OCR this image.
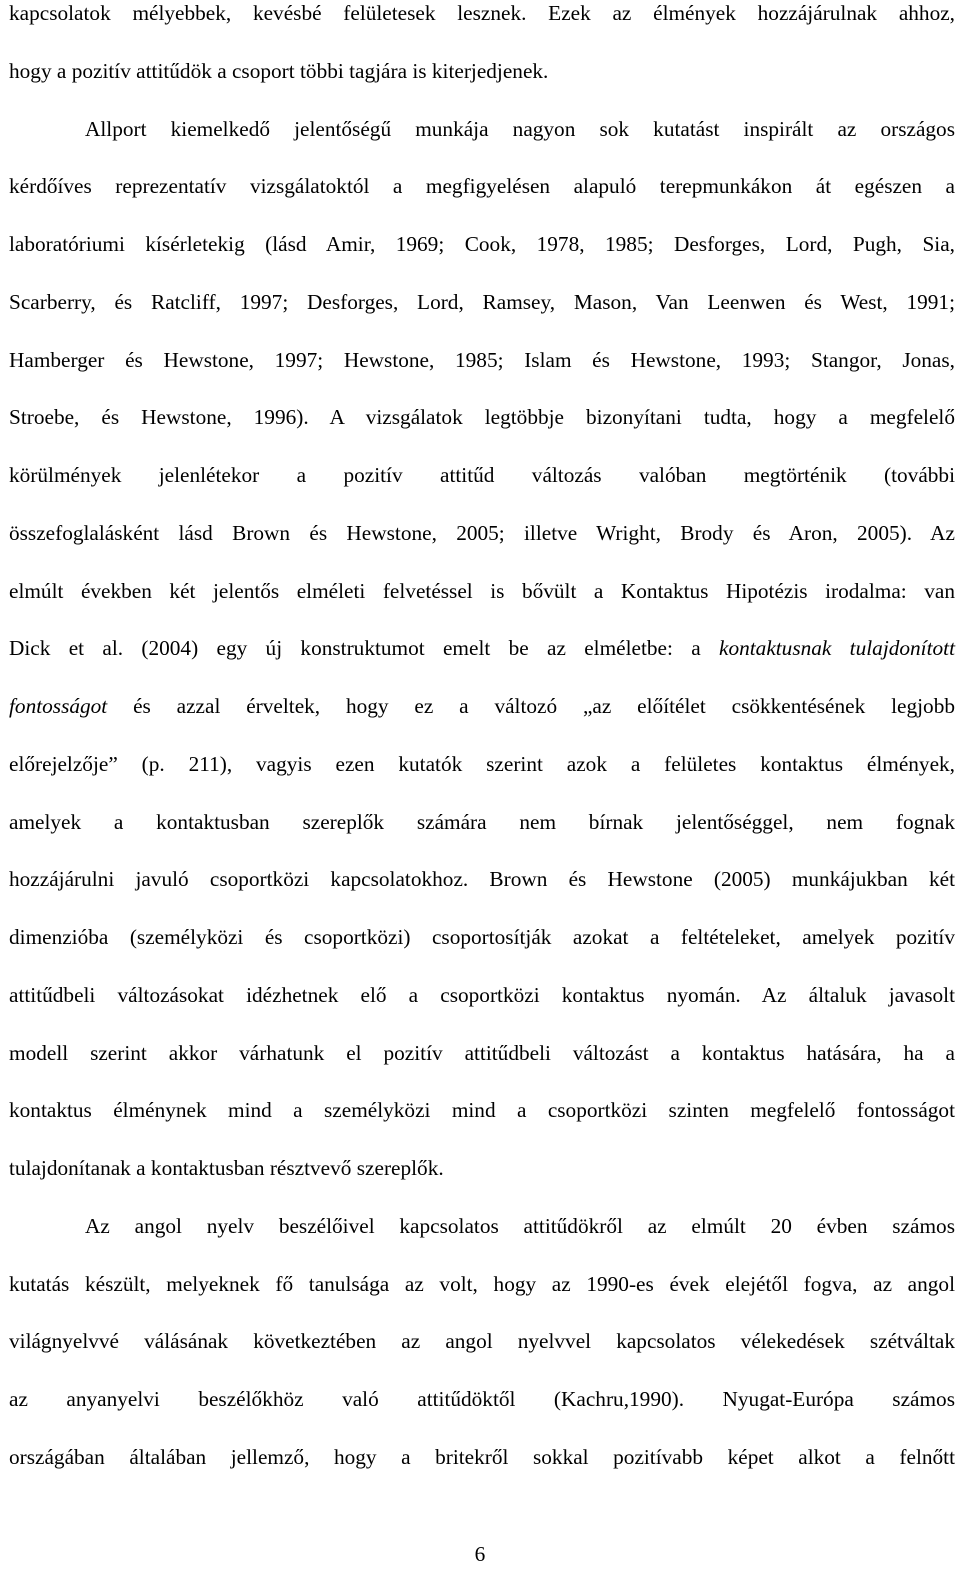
kapcsolatok mélyebbek, kevésbé felületesek lesznek. Ezek az élmények hozzájárulnak ahhoz,
hogy a pozitív attitűdök a csoport többi tagjára is kiterjedjenek.
Allport kiemelkedő jelentőségű munkája nagyon sok kutatást inspirált az országos
kérdőíves reprezentatív vizsgálatoktól a megfigyelésen alapuló terepmunkákon át egészen a
laboratóriumi kísérletekig (lásd Amir, 1969; Cook, 1978, 1985; Desforges, Lord, Pugh, Sia,
Scarberry, és Ratcliff, 1997; Desforges, Lord, Ramsey, Mason, Van Leenwen és West, 1991;
Hamberger és Hewstone, 1997; Hewstone, 1985; Islam és Hewstone, 1993; Stangor, Jonas,
Stroebe, és Hewstone, 1996). A vizsgálatok legtöbbje bizonyítani tudta, hogy a megfelelő
körülmények jelenlétekor a pozitív attitűd változás valóban megtörténik (további
összefoglalásként lásd Brown és Hewstone, 2005; illetve Wright, Brody és Aron, 2005). Az
elmúlt években két jelentős elméleti felvetéssel is bővült a Kontaktus Hipotézis irodalma: van
Dick et al. (2004) egy új konstruktumot emelt be az elméletbe: a kontaktusnak tulajdonított
fontosságot és azzal érveltek, hogy ez a változó „az előítélet csökkentésének legjobb
előrejelzője” (p. 211), vagyis ezen kutatók szerint azok a felületes kontaktus élmények,
amelyek a kontaktusban szereplők számára nem bírnak jelentőséggel, nem fognak
hozzájárulni javuló csoportközi kapcsolatokhoz. Brown és Hewstone (2005) munkájukban két
dimenzióba (személyközi és csoportközi) csoportosítják azokat a feltételeket, amelyek pozitív
attitűdbeli változásokat idézhetnek elő a csoportközi kontaktus nyomán. Az általuk javasolt
modell szerint akkor várhatunk el pozitív attitűdbeli változást a kontaktus hatására, ha a
kontaktus élménynek mind a személyközi mind a csoportközi szinten megfelelő fontosságot
tulajdonítanak a kontaktusban résztvevő szereplők.
Az angol nyelv beszélőivel kapcsolatos attitűdökről az elmúlt 20 évben számos
kutatás készült, melyeknek fő tanulsága az volt, hogy az 1990-es évek elejétől fogva, az angol
világnyelvvé válásának következtében az angol nyelvvel kapcsolatos vélekedések szétváltak
az anyanyelvi beszélőkhöz való attitűdöktől (Kachru,1990). Nyugat-Európa számos
országában általában jellemző, hogy a britekről sokkal pozitívabb képet alkot a felnőtt
6
